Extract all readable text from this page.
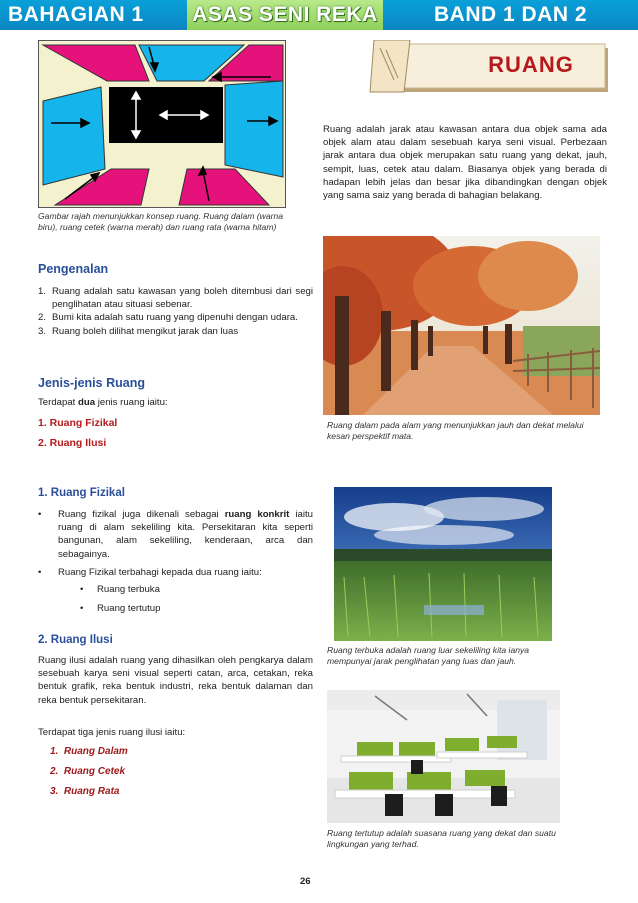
BAHAGIAN 1	ASAS SENI REKA	BAND 1 DAN 2
Gambar rajah menunjukkan konsep ruang. Ruang dalam (warna biru), ruang cetek (warna merah) dan ruang rata (warna hitam)
RUANG
Ruang adalah jarak atau kawasan antara dua objek sama ada objek alam atau dalam sesebuah karya seni visual. Perbezaan jarak antara dua objek merupakan satu ruang yang dekat, jauh, sempit, luas, cetek atau dalam. Biasanya objek yang berada di hadapan lebih jelas dan besar jika dibandingkan dengan objek yang sama saiz yang berada di bahagian belakang.
Ruang dalam pada alam yang menunjukkan jauh dan dekat melalui kesan perspektif mata.
Pengenalan
1. Ruang adalah satu kawasan yang boleh ditembusi dari segi penglihatan atau situasi sebenar.
2. Bumi kita adalah satu ruang yang dipenuhi dengan udara.
3. Ruang boleh dilihat mengikut jarak dan luas
Jenis-jenis Ruang
Terdapat dua jenis ruang iaitu:
1. Ruang Fizikal
2. Ruang Ilusi
1. Ruang Fizikal
•	Ruang fizikal juga dikenali sebagai ruang konkrit iaitu ruang di alam sekeliling kita. Persekitaran kita seperti bangunan, alam sekeliling, kenderaan, arca dan sebagainya.
•	Ruang Fizikal terbahagi kepada dua ruang iaitu:
• Ruang terbuka
• Ruang tertutup
Ruang terbuka adalah ruang luar sekeliling kita ianya mempunyai jarak penglihatan yang luas dan jauh.
2. Ruang Ilusi
Ruang ilusi adalah ruang yang dihasilkan oleh pengkarya dalam sesebuah karya seni visual seperti catan, arca, cetakan, reka bentuk grafik, reka bentuk industri, reka bentuk dalaman dan reka bentuk persekitaran.
Terdapat tiga jenis ruang ilusi iaitu:
1.  Ruang Dalam
2.  Ruang Cetek
3.  Ruang Rata
Ruang tertutup adalah suasana ruang yang dekat dan suatu lingkungan yang terhad.
26
